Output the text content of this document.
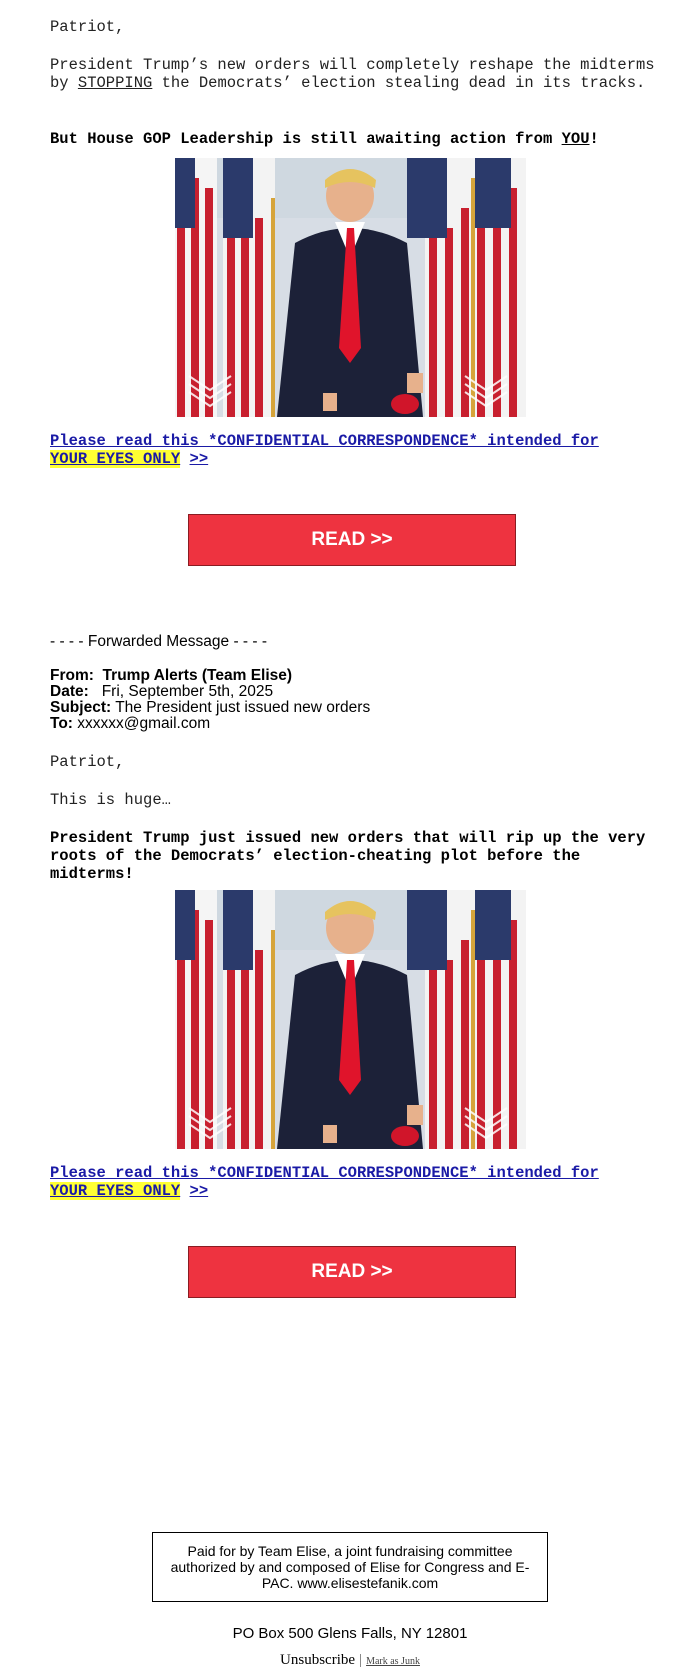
Patriot,
President Trump’s new orders will completely reshape the midterms by STOPPING the Democrats’ election stealing dead in its tracks.
But House GOP Leadership is still awaiting action from YOU!
Please read this *CONFIDENTIAL CORRESPONDENCE* intended for
YOUR EYES ONLY >>
READ >>
- - - - Forwarded Message - - - -
From: Trump Alerts (Team Elise)
Date: Fri, September 5th, 2025
Subject: The President just issued new orders
To: xxxxxx@gmail.com
Patriot,
This is huge…
President Trump just issued new orders that will rip up the very roots of the Democrats’ election-cheating plot before the midterms!
Please read this *CONFIDENTIAL CORRESPONDENCE* intended for
YOUR EYES ONLY >>
READ >>
Paid for by Team Elise, a joint fundraising committee authorized by and composed of Elise for Congress and E-PAC. www.elisestefanik.com
PO Box 500 Glens Falls, NY 12801
Unsubscribe | Mark as Junk
